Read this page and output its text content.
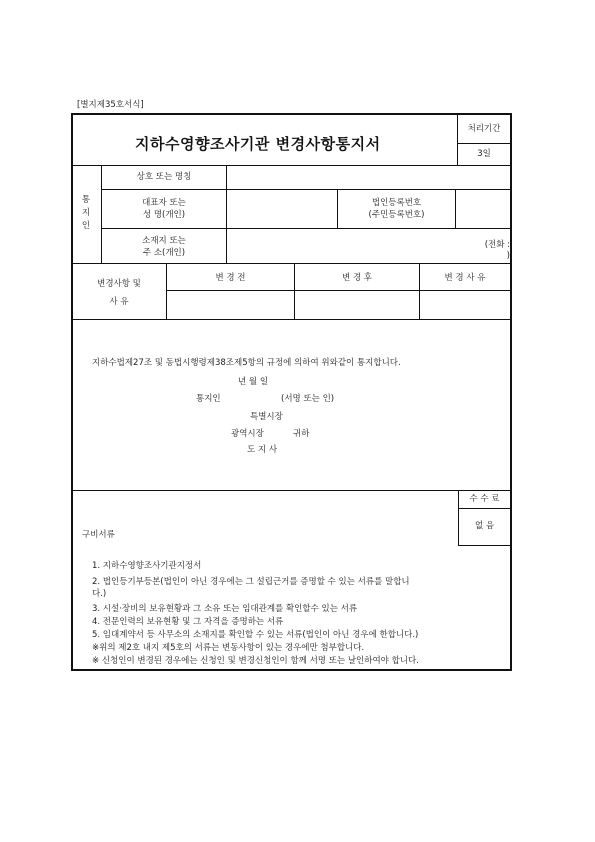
[별지제35호서식]
지하수영향조사기관 변경사항통지서
처리기간
3일
통
지
인
상호 또는 명칭
대표자 또는
성 명(개인)
법인등록번호
(주민등록번호)
소재지 또는
주 소(개인)
(전화 :
)
변경사항 및
사 유
변 경 전	변 경 후	변 경 사 유
지하수법제27조 및 동법시행령제38조제5항의 규정에 의하여 위와같이 통지합니다.
년 월 일
통지인	(서명 또는 인)
특별시장
광역시장	귀하
도 지 사
수 수 료
없 음
구비서류
1. 지하수영향조사기관지정서
2. 법인등기부등본(법인이 아닌 경우에는 그 설립근거를 증명할 수 있는 서류를 말합니
다.)
3. 시설·장비의 보유현황과 그 소유 또는 임대관계를 확인할수 있는 서류
4. 전문인력의 보유현황 및 그 자격을 증명하는 서류
5. 임대계약서 등 사무소의 소재지를 확인할 수 있는 서류(법인이 아닌 경우에 한합니다.)
※위의 제2호 내지 제5호의 서류는 변동사항이 있는 경우에만 첨부합니다.
※ 신청인이 변경된 경우에는 신청인 및 변경신청인이 함께 서명 또는 날인하여야 합니다.
